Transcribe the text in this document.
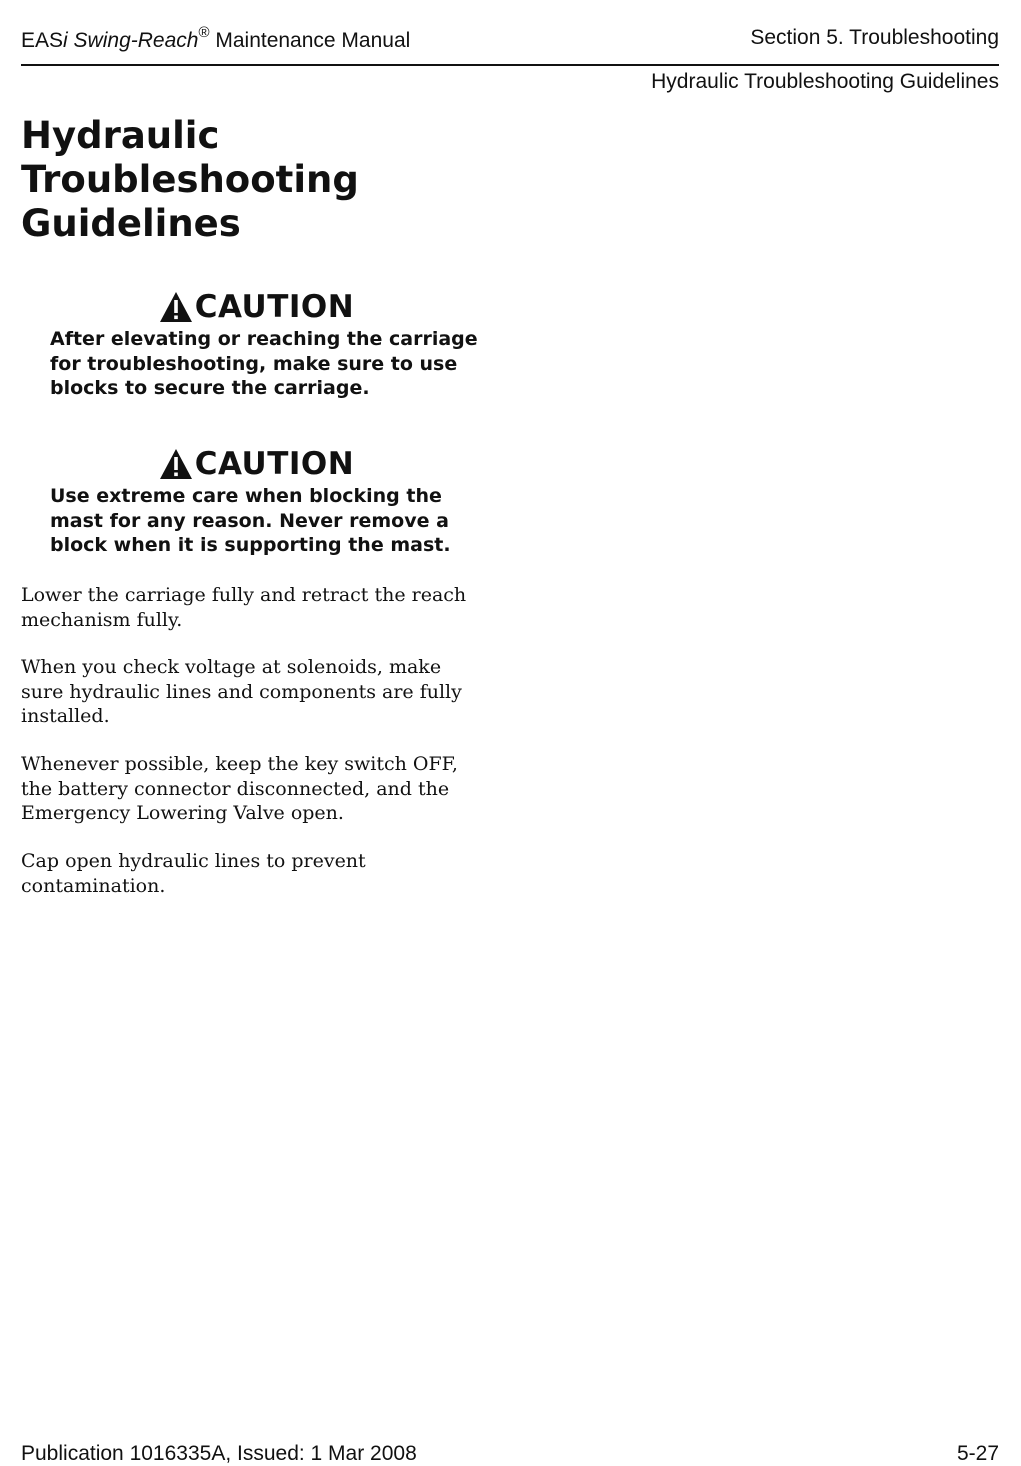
EASi Swing-Reach® Maintenance Manual	Section 5. Troubleshooting
Hydraulic Troubleshooting Guidelines
Hydraulic
Troubleshooting
Guidelines
CAUTION

After elevating or reaching the carriage for troubleshooting, make sure to use blocks to secure the carriage.

CAUTION

Use extreme care when blocking the mast for any reason. Never remove a block when it is supporting the mast.

Lower the carriage fully and retract the reach mechanism fully.

When you check voltage at solenoids, make sure hydraulic lines and components are fully installed.

Whenever possible, keep the key switch OFF, the battery connector disconnected, and the Emergency Lowering Valve open.

Cap open hydraulic lines to prevent contamination.

Publication 1016335A, Issued: 1 Mar 2008	5-27
